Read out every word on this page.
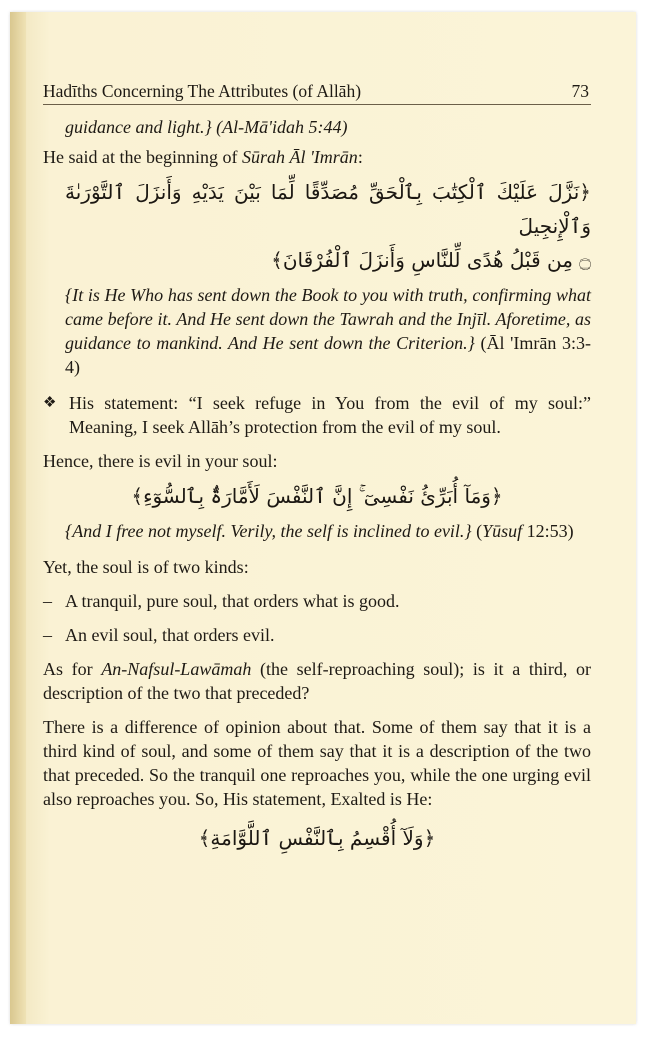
Hadīths Concerning The Attributes (of Allāh)	73

guidance and light.} (Al-Mā'idah 5:44)

He said at the beginning of Sūrah Āl 'Imrān:

﴿نَزَّلَ عَلَيْكَ ٱلْكِتَٰبَ بِٱلْحَقِّ مُصَدِّقًا لِّمَا بَيْنَ يَدَيْهِ وَأَنزَلَ ٱلتَّوْرَىٰةَ وَٱلْإِنجِيلَ

۝ مِن قَبْلُ هُدًى لِّلنَّاسِ وَأَنزَلَ ٱلْفُرْقَانَ﴾

{It is He Who has sent down the Book to you with truth, confirming what came before it. And He sent down the Tawrah and the Injīl. Aforetime, as guidance to mankind. And He sent down the Criterion.} (Āl 'Imrān 3:3-4)

❖ His statement: “I seek refuge in You from the evil of my soul:” Meaning, I seek Allāh’s protection from the evil of my soul.

Hence, there is evil in your soul:

﴿وَمَآ أُبَرِّئُ نَفْسِىٓ ۚ إِنَّ ٱلنَّفْسَ لَأَمَّارَةٌۢ بِٱلسُّوٓءِ﴾

{And I free not myself. Verily, the self is inclined to evil.} (Yūsuf 12:53)

Yet, the soul is of two kinds:

– A tranquil, pure soul, that orders what is good.
– An evil soul, that orders evil.

As for An-Nafsul-Lawāmah (the self-reproaching soul); is it a third, or description of the two that preceded?

There is a difference of opinion about that. Some of them say that it is a third kind of soul, and some of them say that it is a description of the two that preceded. So the tranquil one reproaches you, while the one urging evil also reproaches you. So, His statement, Exalted is He:

﴿وَلَآ أُقْسِمُ بِٱلنَّفْسِ ٱللَّوَّامَةِ﴾
